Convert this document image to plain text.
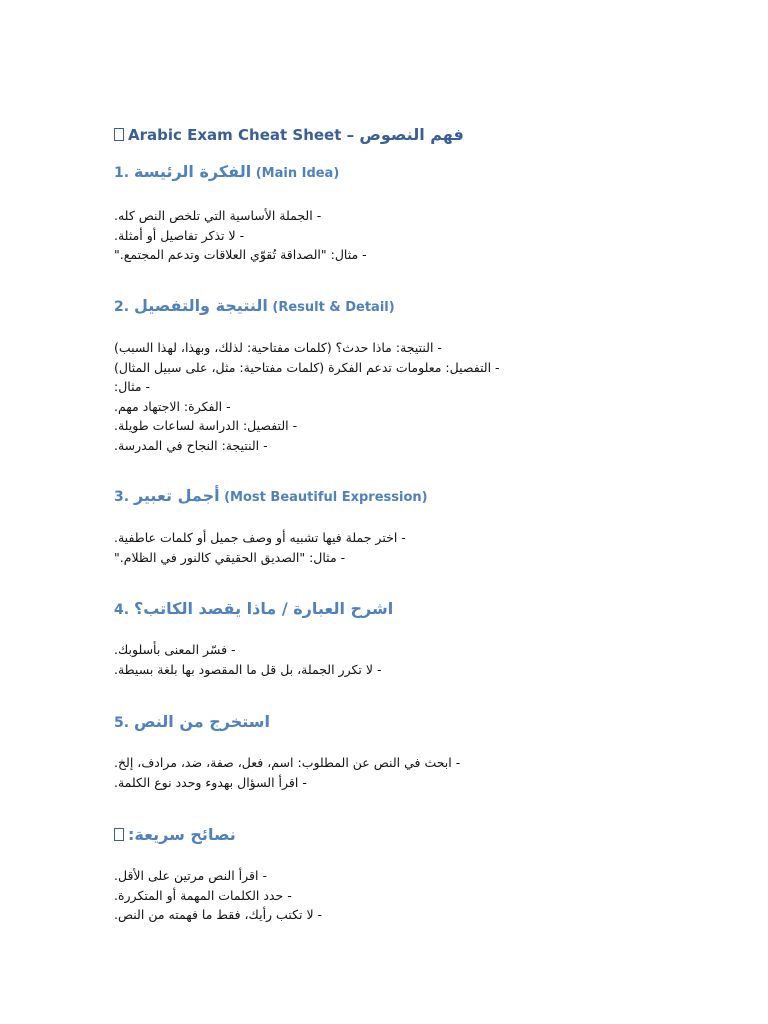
Arabic Exam Cheat Sheet – فهم النصوص
1. الفكرة الرئيسة (Main Idea)
- الجملة الأساسية التي تلخص النص كله.
- لا تذكر تفاصيل أو أمثلة.
- مثال: "الصداقة تُقوّي العلاقات وتدعم المجتمع."
2. النتيجة والتفصيل (Result & Detail)
- النتيجة: ماذا حدث؟ (كلمات مفتاحية: لذلك، وبهذا، لهذا السبب)
- التفصيل: معلومات تدعم الفكرة (كلمات مفتاحية: مثل، على سبيل المثال)
- مثال:
- الفكرة: الاجتهاد مهم.
- التفصيل: الدراسة لساعات طويلة.
- النتيجة: النجاح في المدرسة.
3. أجمل تعبير (Most Beautiful Expression)
- اختر جملة فيها تشبيه أو وصف جميل أو كلمات عاطفية.
- مثال: "الصديق الحقيقي كالنور في الظلام."
4. اشرح العبارة / ماذا يقصد الكاتب؟
- فسّر المعنى بأسلوبك.
- لا تكرر الجملة، بل قل ما المقصود بها بلغة بسيطة.
5. استخرج من النص
- ابحث في النص عن المطلوب: اسم، فعل، صفة، ضد، مرادف، إلخ.
- اقرأ السؤال بهدوء وحدد نوع الكلمة.
نصائح سريعة:
- اقرأ النص مرتين على الأقل.
- حدد الكلمات المهمة أو المتكررة.
- لا تكتب رأيك، فقط ما فهمته من النص.
